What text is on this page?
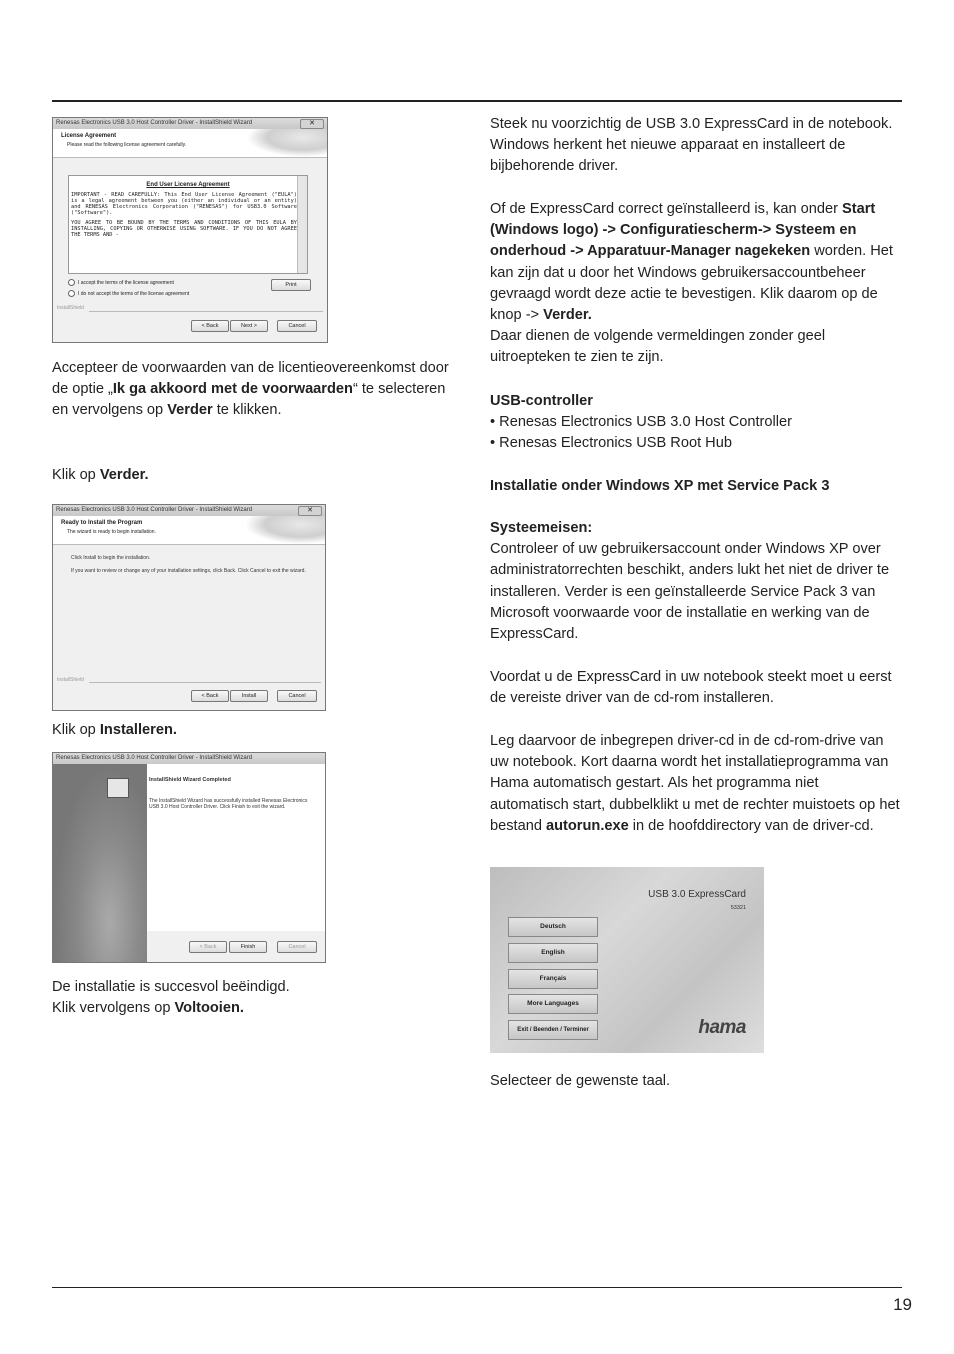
Renesas Electronics USB 3.0 Host Controller Driver - InstallShield Wizard	✕
License Agreement
Please read the following license agreement carefully.
End User License Agreement

IMPORTANT - READ CAREFULLY: This End User License Agreement ("EULA") is a legal agreement between you (either an individual or an entity) and RENESAS Electronics Corporation ("RENESAS") for USB3.0 Software ("Software").

YOU AGREE TO BE BOUND BY THE TERMS AND CONDITIONS OF THIS EULA BY INSTALLING, COPYING OR OTHERWISE USING SOFTWARE. IF YOU DO NOT AGREE THE TERMS AND -

I accept the terms of the license agreement
I do not accept the terms of the license agreement
Print
InstallShield
< Back	Next >	Cancel
Accepteer de voorwaarden van de licentieovereenkomst door de optie „Ik ga akkoord met de voorwaarden“ te selecteren en vervolgens op Verder te klikken.
Klik op Verder.
Renesas Electronics USB 3.0 Host Controller Driver - InstallShield Wizard	✕
Ready to Install the Program
The wizard is ready to begin installation.
Click Install to begin the installation.
If you want to review or change any of your installation settings, click Back. Click Cancel to exit the wizard.
InstallShield
< Back	Install	Cancel
Klik op Installeren.
Renesas Electronics USB 3.0 Host Controller Driver - InstallShield Wizard
InstallShield Wizard Completed
The InstallShield Wizard has successfully installed Renesas Electronics USB 3.0 Host Controller Driver. Click Finish to exit the wizard.
< Back	Finish	Cancel
De installatie is succesvol beëindigd.
Klik vervolgens op Voltooien.
Steek nu voorzichtig de USB 3.0 ExpressCard in de notebook. Windows herkent het nieuwe apparaat en installeert de bijbehorende driver.
Of de ExpressCard correct geïnstalleerd is, kan onder Start (Windows logo) -> Configuratiescherm-> Systeem en onderhoud -> Apparatuur-Manager nagekeken worden. Het kan zijn dat u door het Windows gebruikersaccountbeheer gevraagd wordt deze actie te bevestigen. Klik daarom op de knop -> Verder.
Daar dienen de volgende vermeldingen zonder geel uitroepteken te zien te zijn.
USB-controller
• Renesas Electronics USB 3.0 Host Controller
• Renesas Electronics USB Root Hub
Installatie onder Windows XP met Service Pack 3
Systeemeisen:
Controleer of uw gebruikersaccount onder Windows XP over administratorrechten beschikt, anders lukt het niet de driver te installeren. Verder is een geïnstalleerde Service Pack 3 van Microsoft voorwaarde voor de installatie en werking van de ExpressCard.
Voordat u de ExpressCard in uw notebook steekt moet u eerst de vereiste driver van de cd-rom installeren.
Leg daarvoor de inbegrepen driver-cd in de cd-rom-drive van uw notebook. Kort daarna wordt het installatieprogramma van Hama automatisch gestart. Als het programma niet automatisch start, dubbelklikt u met de rechter muistoets op het bestand autorun.exe in de hoofddirectory van de driver-cd.
USB 3.0 ExpressCard
53321
Deutsch
English
Français
More Languages
Exit / Beenden / Terminer	hama
Selecteer de gewenste taal.
19
